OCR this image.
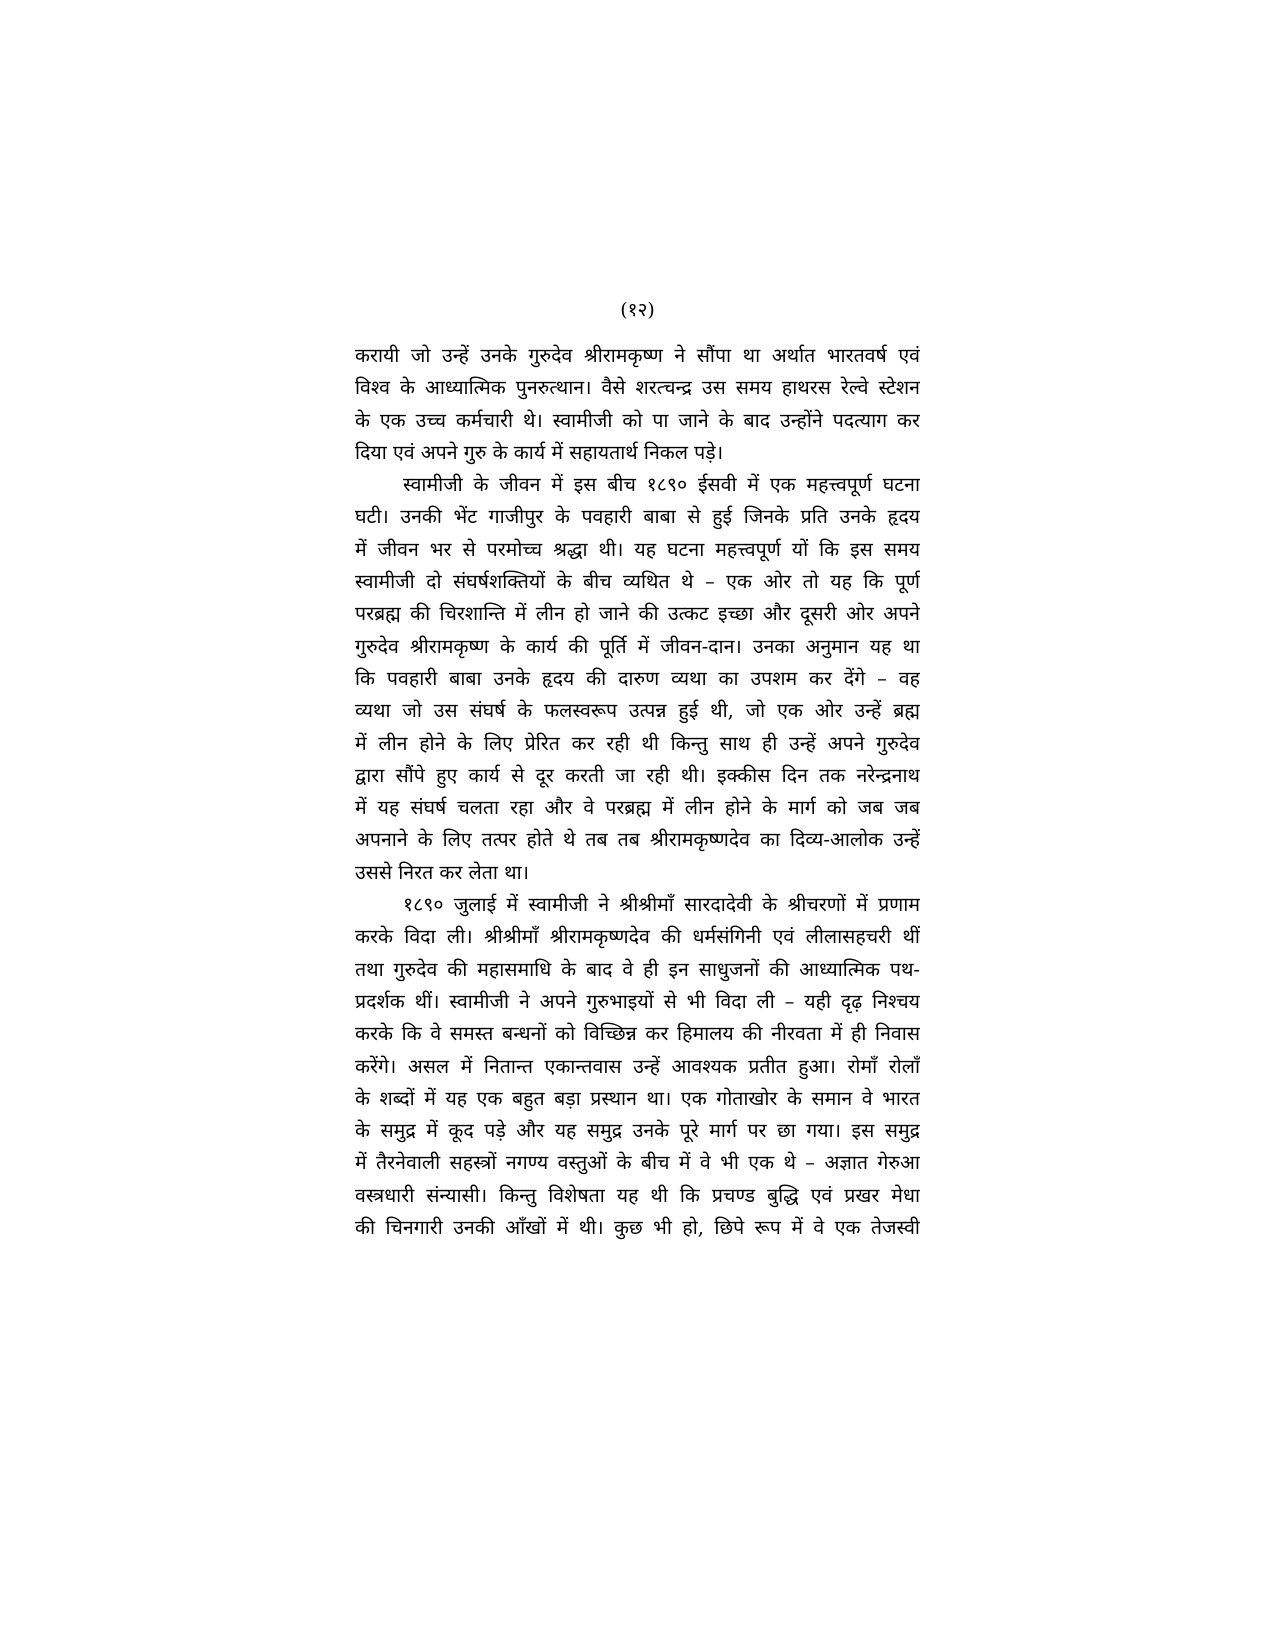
(१२)
करायी जो उन्हें उनके गुरुदेव श्रीरामकृष्ण ने सौंपा था अर्थात भारतवर्ष एवं
विश्व के आध्यात्मिक पुनरुत्थान। वैसे शरत्चन्द्र उस समय हाथरस रेल्वे स्टेशन
के एक उच्च कर्मचारी थे। स्वामीजी को पा जाने के बाद उन्होंने पदत्याग कर
दिया एवं अपने गुरु के कार्य में सहायतार्थ निकल पड़े।
स्वामीजी के जीवन में इस बीच १८९० ईसवी में एक महत्त्वपूर्ण घटना
घटी। उनकी भेंट गाजीपुर के पवहारी बाबा से हुई जिनके प्रति उनके हृदय
में जीवन भर से परमोच्च श्रद्धा थी। यह घटना महत्त्वपूर्ण यों कि इस समय
स्वामीजी दो संघर्षशक्तियों के बीच व्यथित थे – एक ओर तो यह कि पूर्ण
परब्रह्म की चिरशान्ति में लीन हो जाने की उत्कट इच्छा और दूसरी ओर अपने
गुरुदेव श्रीरामकृष्ण के कार्य की पूर्ति में जीवन-दान। उनका अनुमान यह था
कि पवहारी बाबा उनके हृदय की दारुण व्यथा का उपशम कर देंगे – वह
व्यथा जो उस संघर्ष के फलस्वरूप उत्पन्न हुई थी, जो एक ओर उन्हें ब्रह्म
में लीन होने के लिए प्रेरित कर रही थी किन्तु साथ ही उन्हें अपने गुरुदेव
द्वारा सौंपे हुए कार्य से दूर करती जा रही थी। इक्कीस दिन तक नरेन्द्रनाथ
में यह संघर्ष चलता रहा और वे परब्रह्म में लीन होने के मार्ग को जब जब
अपनाने के लिए तत्पर होते थे तब तब श्रीरामकृष्णदेव का दिव्य-आलोक उन्हें
उससे निरत कर लेता था।
१८९० जुलाई में स्वामीजी ने श्रीश्रीमाँ सारदादेवी के श्रीचरणों में प्रणाम
करके विदा ली। श्रीश्रीमाँ श्रीरामकृष्णदेव की धर्मसंगिनी एवं लीलासहचरी थीं
तथा गुरुदेव की महासमाधि के बाद वे ही इन साधुजनों की आध्यात्मिक पथ-
प्रदर्शक थीं। स्वामीजी ने अपने गुरुभाइयों से भी विदा ली – यही दृढ़ निश्चय
करके कि वे समस्त बन्धनों को विच्छिन्न कर हिमालय की नीरवता में ही निवास
करेंगे। असल में नितान्त एकान्तवास उन्हें आवश्यक प्रतीत हुआ। रोमाँ रोलाँ
के शब्दों में यह एक बहुत बड़ा प्रस्थान था। एक गोताखोर के समान वे भारत
के समुद्र में कूद पड़े और यह समुद्र उनके पूरे मार्ग पर छा गया। इस समुद्र
में तैरनेवाली सहस्त्रों नगण्य वस्तुओं के बीच में वे भी एक थे – अज्ञात गेरुआ
वस्त्रधारी संन्यासी। किन्तु विशेषता यह थी कि प्रचण्ड बुद्धि एवं प्रखर मेधा
की चिनगारी उनकी आँखों में थी। कुछ भी हो, छिपे रूप में वे एक तेजस्वी
